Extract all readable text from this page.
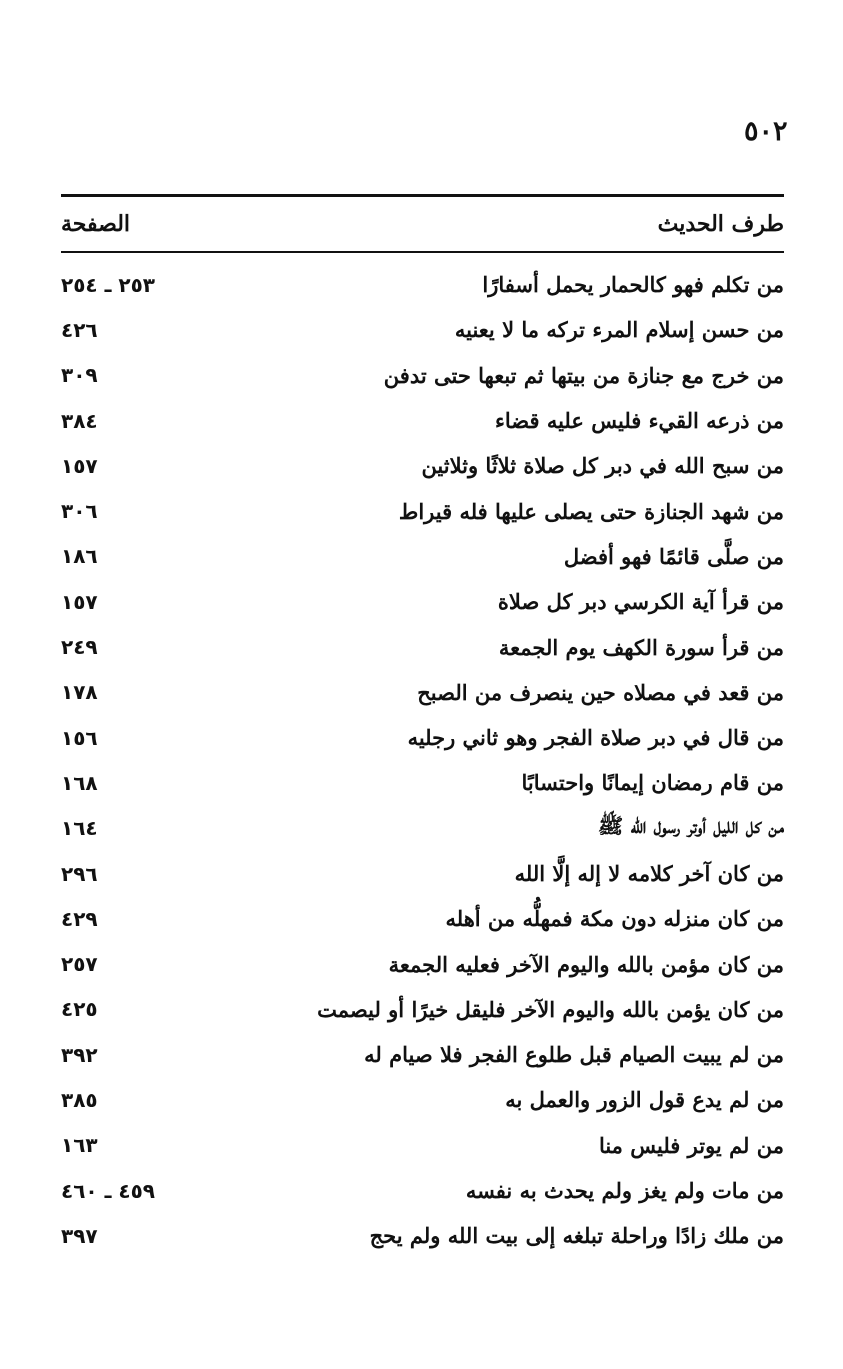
٥٠٢
طرف الحديث
الصفحة
من تكلم فهو كالحمار يحمل أسفارًا
٢٥٣ ـ ٢٥٤
من حسن إسلام المرء تركه ما لا يعنيه
٤٢٦
من خرج مع جنازة من بيتها ثم تبعها حتى تدفن
٣٠٩
من ذرعه القيء فليس عليه قضاء
٣٨٤
من سبح الله في دبر كل صلاة ثلاثًا وثلاثين
١٥٧
من شهد الجنازة حتى يصلى عليها فله قيراط
٣٠٦
من صلَّى قائمًا فهو أفضل
١٨٦
من قرأ آية الكرسي دبر كل صلاة
١٥٧
من قرأ سورة الكهف يوم الجمعة
٢٤٩
من قعد في مصلاه حين ينصرف من الصبح
١٧٨
من قال في دبر صلاة الفجر وهو ثاني رجليه
١٥٦
من قام رمضان إيمانًا واحتسابًا
١٦٨
من كل الليل أوتر رسول الله ﷺ
١٦٤
من كان آخر كلامه لا إله إلَّا الله
٢٩٦
من كان منزله دون مكة فمهلُّه من أهله
٤٢٩
من كان مؤمن بالله واليوم الآخر فعليه الجمعة
٢٥٧
من كان يؤمن بالله واليوم الآخر فليقل خيرًا أو ليصمت
٤٢٥
من لم يبيت الصيام قبل طلوع الفجر فلا صيام له
٣٩٢
من لم يدع قول الزور والعمل به
٣٨٥
من لم يوتر فليس منا
١٦٣
من مات ولم يغز ولم يحدث به نفسه
٤٥٩ ـ ٤٦٠
من ملك زادًا وراحلة تبلغه إلى بيت الله ولم يحج
٣٩٧
